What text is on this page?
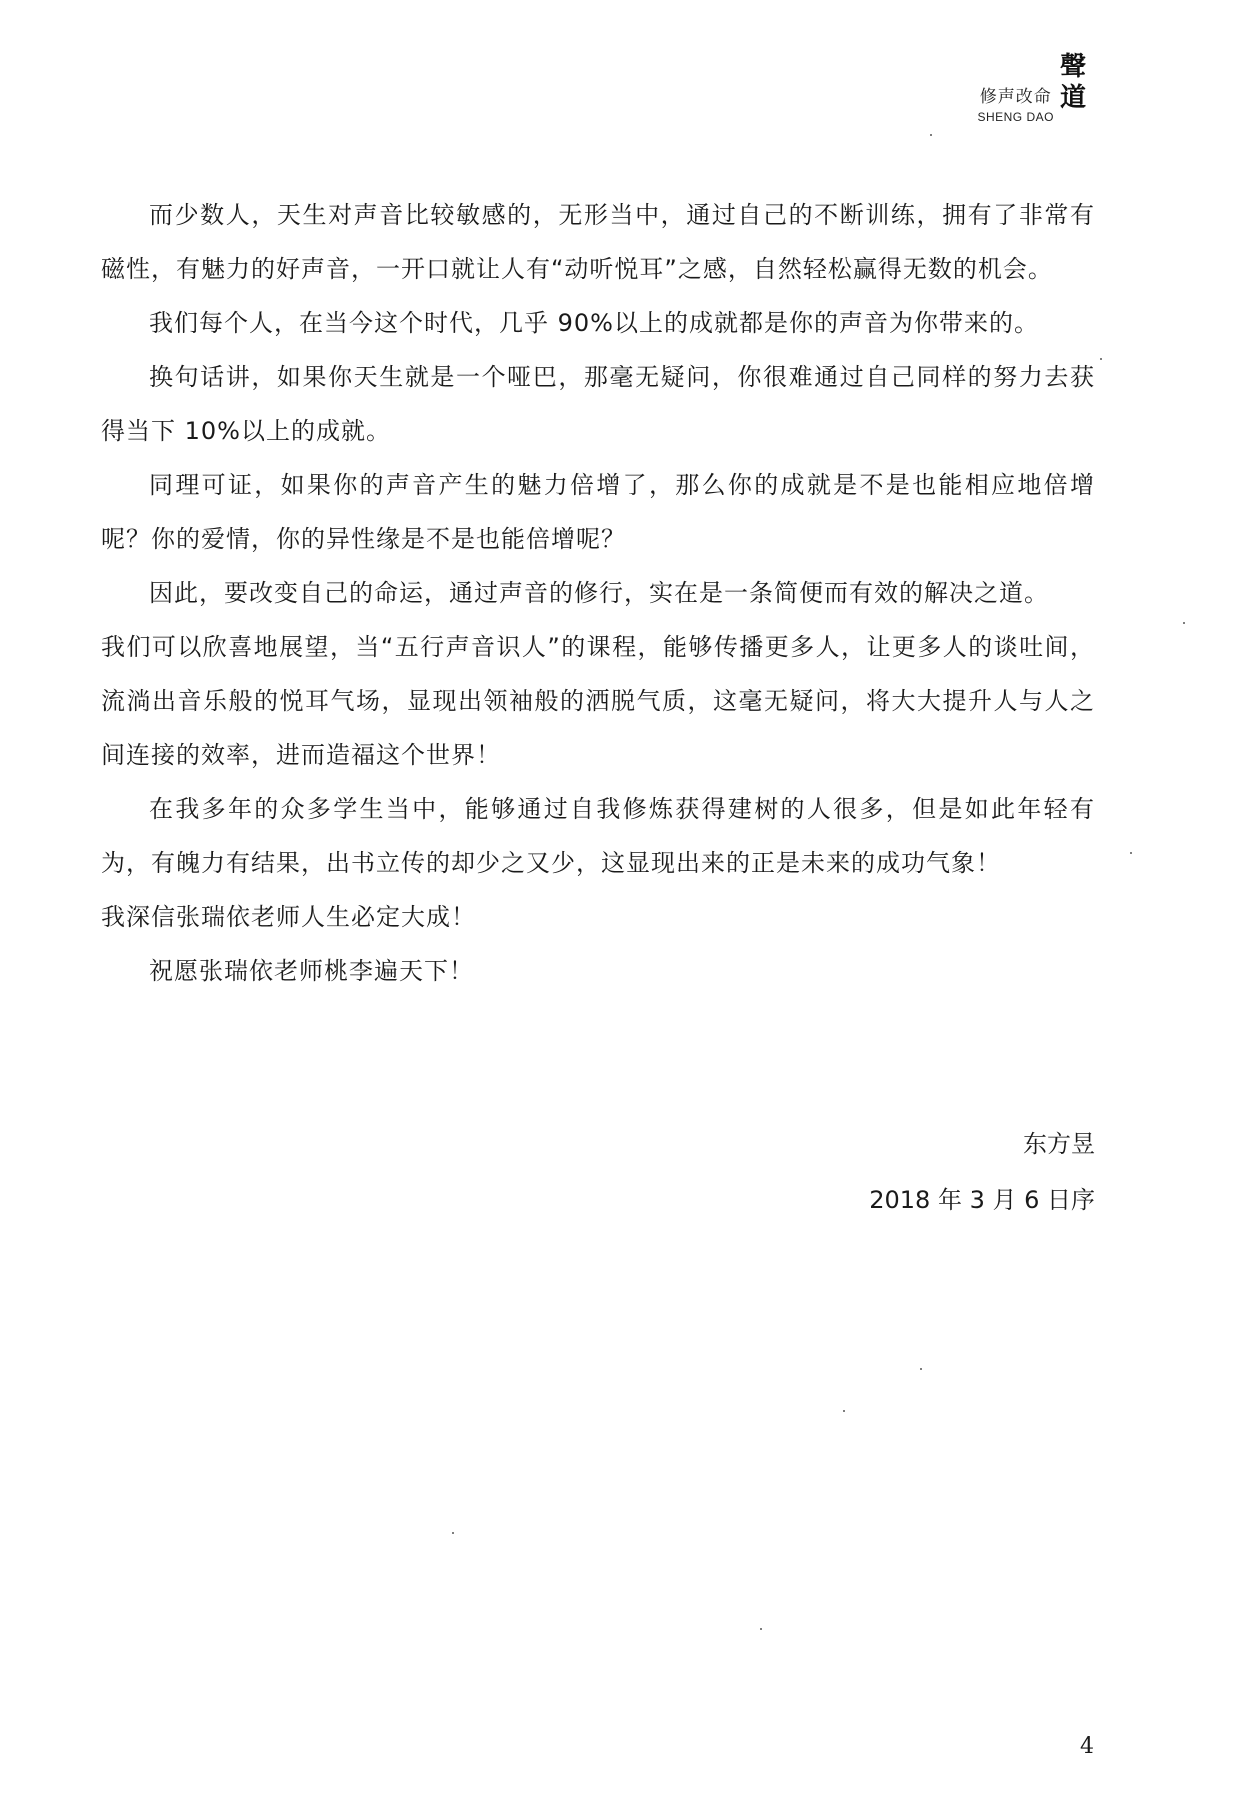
修声改命
SHENG DAO
聲
道

而少数人，天生对声音比较敏感的，无形当中，通过自己的不断训练，拥有了非常有磁性，有魅力的好声音，一开口就让人有“动听悦耳”之感，自然轻松赢得无数的机会。

我们每个人，在当今这个时代，几乎 90%以上的成就都是你的声音为你带来的。

换句话讲，如果你天生就是一个哑巴，那毫无疑问，你很难通过自己同样的努力去获得当下 10%以上的成就。

同理可证，如果你的声音产生的魅力倍增了，那么你的成就是不是也能相应地倍增呢？你的爱情，你的异性缘是不是也能倍增呢？

因此，要改变自己的命运，通过声音的修行，实在是一条简便而有效的解决之道。

我们可以欣喜地展望，当“五行声音识人”的课程，能够传播更多人，让更多人的谈吐间，流淌出音乐般的悦耳气场，显现出领袖般的洒脱气质，这毫无疑问，将大大提升人与人之间连接的效率，进而造福这个世界！

在我多年的众多学生当中，能够通过自我修炼获得建树的人很多，但是如此年轻有为，有魄力有结果，出书立传的却少之又少，这显现出来的正是未来的成功气象！

我深信张瑞依老师人生必定大成！

祝愿张瑞依老师桃李遍天下！

东方昱
2018 年 3 月 6 日序
4
